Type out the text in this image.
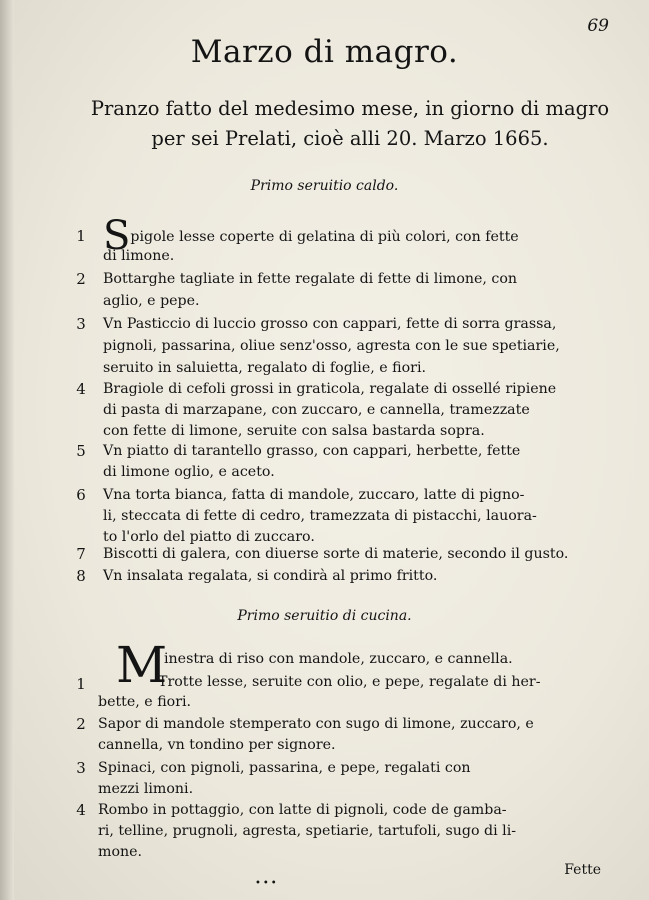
69
Marzo di magro.
Pranzo fatto del medesimo mese, in giorno di magro
per sei Prelati, cioè alli 20. Marzo 1665.
Primo seruitio caldo.
1 Spigole lesse coperte di gelatina di più colori, con fette
di limone.
2	Bottarghe tagliate in fette regalate di fette di limone, con
aglio, e pepe.
3	Vn Pasticcio di luccio grosso con cappari, fette di sorra grassa,
pignoli, passarina, oliue senz'osso, agresta con le sue spetiarie,
seruito in saluietta, regalato di foglie, e fiori.
4	Bragiole di cefoli grossi in graticola, regalate di ossellé ripiene
di pasta di marzapane, con zuccaro, e cannella, tramezzate
con fette di limone, seruite con salsa bastarda sopra.
5	Vn piatto di tarantello grasso, con cappari, herbette, fette
di limone oglio, e aceto.
6	Vna torta bianca, fatta di mandole, zuccaro, latte di pigno-
li, steccata di fette di cedro, tramezzata di pistacchi, lauora-
to l'orlo del piatto di zuccaro.
7	Biscotti di galera, con diuerse sorte di materie, secondo il gusto.
8	Vn insalata regalata, si condirà al primo fritto.
Primo seruitio di cucina.
M
inestra di riso con mandole, zuccaro, e cannella.
1	Trotte lesse, seruite con olio, e pepe, regalate di her-
bette, e fiori.
2 Sapor di mandole stemperato con sugo di limone, zuccaro, e
cannella, vn tondino per signore.
3 Spinaci, con pignoli, passarina, e pepe, regalati con
mezzi limoni.
4 Rombo in pottaggio, con latte di pignoli, code de gamba-
ri, telline, prugnoli, agresta, spetiarie, tartufoli, sugo di li-
mone.
Fette
•••
